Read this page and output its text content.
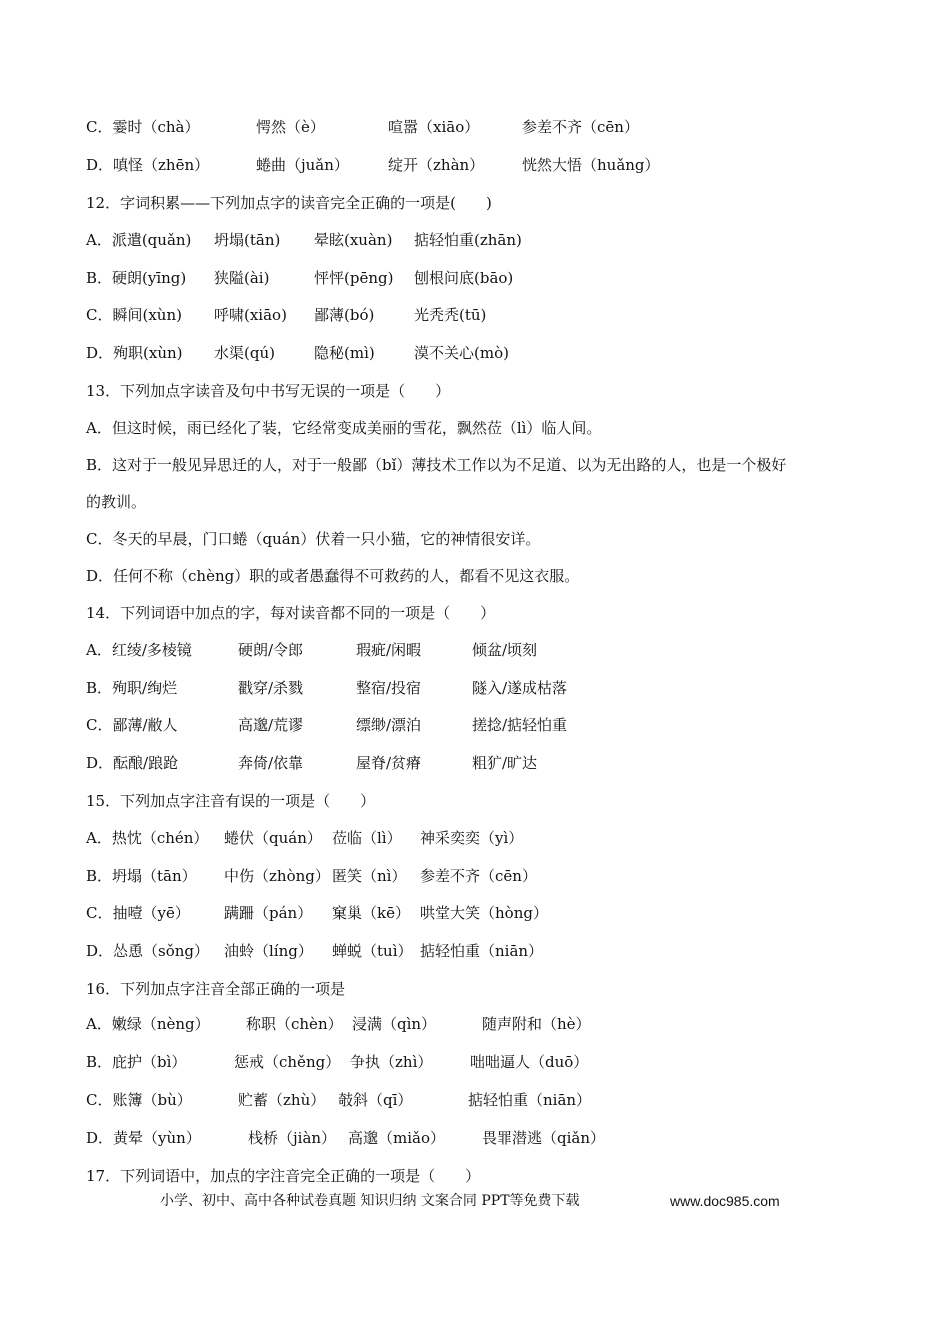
C．霎时（chà）	愕然（è）	喧嚣（xiāo）	参差不齐（cēn）
D．嗔怪（zhēn）	蜷曲（juǎn）	绽开（zhàn）	恍然大悟（huǎng）
12．字词积累——下列加点字的读音完全正确的一项是(　　)
A．派遣(quǎn) 坍塌(tān) 晕眩(xuàn) 掂轻怕重(zhān)
B．硬朗(yīng) 狭隘(ài)	怦怦(pēng) 刨根问底(bāo)
C．瞬间(xùn) 呼啸(xiāo) 鄙薄(bó)	光秃秃(tū)
D．殉职(xùn) 水渠(qú)	隐秘(mì)	漠不关心(mò)
13．下列加点字读音及句中书写无误的一项是（　　）
A．但这时候，雨已经化了装，它经常变成美丽的雪花，飘然莅（lì）临人间。
B．这对于一般见异思迁的人，对于一般鄙（bǐ）薄技术工作以为不足道、以为无出路的人，也是一个极好
的教训。
C．冬天的早晨，门口蜷（quán）伏着一只小猫，它的神情很安详。
D．任何不称（chèng）职的或者愚蠢得不可救药的人，都看不见这衣服。
14．下列词语中加点的字，每对读音都不同的一项是（　　）
A．红绫/多棱镜	硬朗/令郎	瑕疵/闲暇	倾盆/顷刻
B．殉职/绚烂	戳穿/杀戮	整宿/投宿	隧入/遂成枯落
C．鄙薄/敝人	高邈/荒谬	缥缈/漂泊	搓捻/掂轻怕重
D．酝酿/踉跄	奔倚/依靠	屋脊/贫瘠	粗犷/旷达
15．下列加点字注音有误的一项是（　　）
A．热忱（chén） 蜷伏（quán） 莅临（lì） 神采奕奕（yì）
B．坍塌（tān） 中伤（zhòng） 匿笑（nì） 参差不齐（cēn）
C．抽噎（yē） 蹒跚（pán） 窠巢（kē） 哄堂大笑（hòng）
D．怂恿（sǒng） 油蛉（líng） 蝉蜕（tuì） 掂轻怕重（niān）
16．下列加点字注音全部正确的一项是
A．嫩绿（nèng） 称职（chèn） 浸满（qìn）	随声附和（hè）
B．庇护（bì）	惩戒（chěng） 争执（zhì）	咄咄逼人（duō）
C．账簿（bù）	贮蓄（zhù） 攲斜（qī）	掂轻怕重（niān）
D．黄晕（yùn）	栈桥（jiàn） 高邈（miǎo） 畏罪潜逃（qiǎn）
17．下列词语中，加点的字注音完全正确的一项是（　　）
小学、初中、高中各种试卷真题 知识归纳 文案合同 PPT等免费下载	www.doc985.com
